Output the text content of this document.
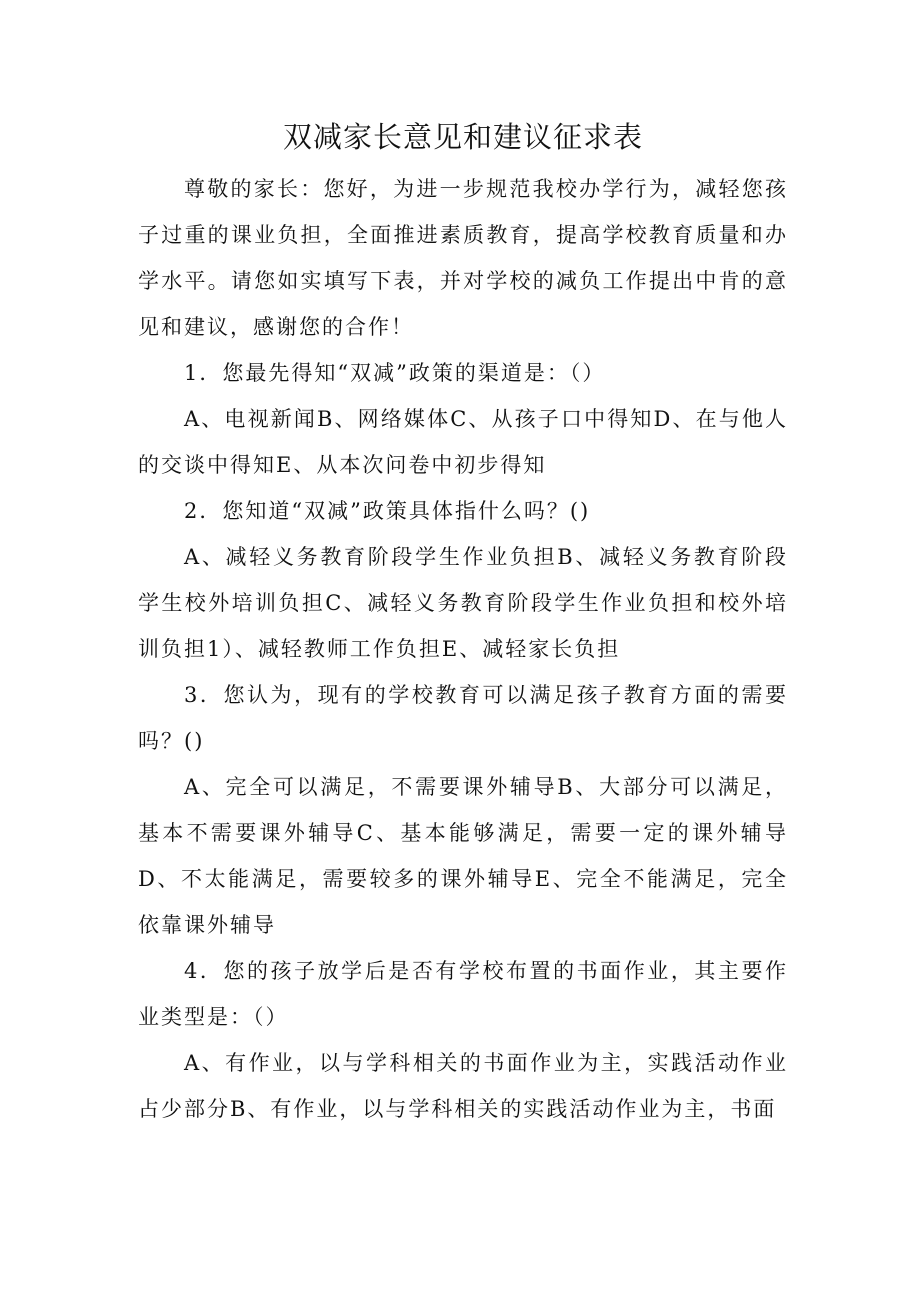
双减家长意见和建议征求表

尊敬的家长：您好，为进一步规范我校办学行为，减轻您孩子过重的课业负担，全面推进素质教育，提高学校教育质量和办学水平。请您如实填写下表，并对学校的减负工作提出中肯的意见和建议，感谢您的合作！

1．您最先得知“双减”政策的渠道是：（）

A、电视新闻B、网络媒体C、从孩子口中得知D、在与他人的交谈中得知E、从本次问卷中初步得知

2．您知道“双减”政策具体指什么吗？()

A、减轻义务教育阶段学生作业负担B、减轻义务教育阶段学生校外培训负担C、减轻义务教育阶段学生作业负担和校外培训负担1）、减轻教师工作负担E、减轻家长负担

3．您认为，现有的学校教育可以满足孩子教育方面的需要吗？()

A、完全可以满足，不需要课外辅导B、大部分可以满足，基本不需要课外辅导C、基本能够满足，需要一定的课外辅导D、不太能满足，需要较多的课外辅导E、完全不能满足，完全依靠课外辅导

4．您的孩子放学后是否有学校布置的书面作业，其主要作业类型是：（）

A、有作业，以与学科相关的书面作业为主，实践活动作业占少部分B、有作业，以与学科相关的实践活动作业为主，书面
